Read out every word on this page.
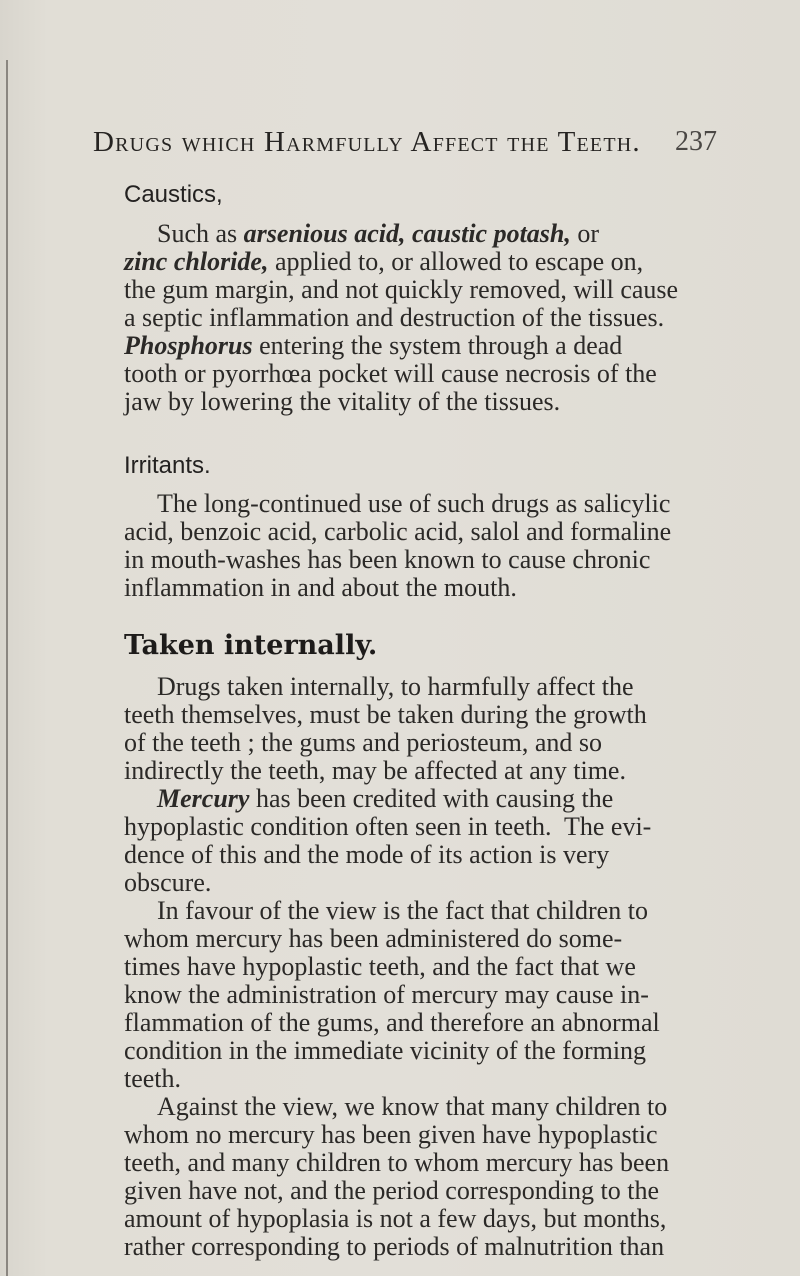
Drugs which Harmfully Affect the Teeth.	237
Caustics,
Such as arsenious acid, caustic potash, or
zinc chloride, applied to, or allowed to escape on,
the gum margin, and not quickly removed, will cause
a septic inflammation and destruction of the tissues.
Phosphorus entering the system through a dead
tooth or pyorrhœa pocket will cause necrosis of the
jaw by lowering the vitality of the tissues.
Irritants.
The long-continued use of such drugs as salicylic
acid, benzoic acid, carbolic acid, salol and formaline
in mouth-washes has been known to cause chronic
inflammation in and about the mouth.
Taken internally.
Drugs taken internally, to harmfully affect the
teeth themselves, must be taken during the growth
of the teeth ; the gums and periosteum, and so
indirectly the teeth, may be affected at any time.
Mercury has been credited with causing the
hypoplastic condition often seen in teeth.  The evi-
dence of this and the mode of its action is very
obscure.
In favour of the view is the fact that children to
whom mercury has been administered do some-
times have hypoplastic teeth, and the fact that we
know the administration of mercury may cause in-
flammation of the gums, and therefore an abnormal
condition in the immediate vicinity of the forming
teeth.
Against the view, we know that many children to
whom no mercury has been given have hypoplastic
teeth, and many children to whom mercury has been
given have not, and the period corresponding to the
amount of hypoplasia is not a few days, but months,
rather corresponding to periods of malnutrition than
